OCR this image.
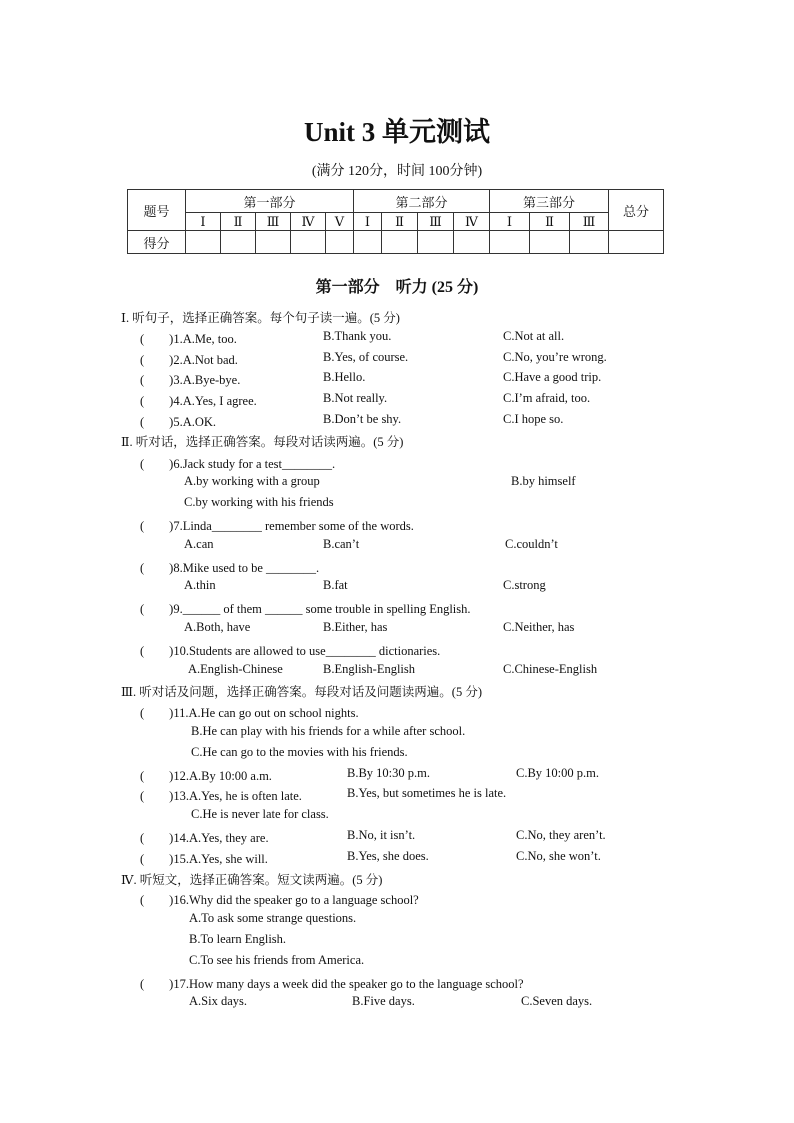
Unit 3 单元测试
(满分 120分，时间 100分钟)
题号	第一部分					第二部分				第三部分			总分
	Ⅰ	Ⅱ	Ⅲ	Ⅳ	Ⅴ	Ⅰ	Ⅱ	Ⅲ	Ⅳ	Ⅰ	Ⅱ	Ⅲ	
得分													
第一部分　听力 (25 分)
Ⅰ. 听句子，选择正确答案。每个句子读一遍。(5 分)
Ⅱ. 听对话，选择正确答案。每段对话读两遍。(5 分)
Ⅲ. 听对话及问题，选择正确答案。每段对话及问题读两遍。(5 分)
Ⅳ. 听短文，选择正确答案。短文读两遍。(5 分)
(　　)1.A.Me, too.	B.Thank you.	C.Not at all.
(　　)2.A.Not bad.	B.Yes, of course.	C.No, you’re wrong.
(　　)3.A.Bye-bye.	B.Hello.	C.Have a good trip.
(　　)4.A.Yes, I agree.	B.Not really.	C.I’m afraid, too.
(　　)5.A.OK.	B.Don’t be shy.	C.I hope so.
(　　)6.Jack study for a test________.
A.by working with a group	B.by himself
C.by working with his friends
(　　)7.Linda________ remember some of the words.
A.can	B.can’t	C.couldn’t
(　　)8.Mike used to be ________.
A.thin	B.fat	C.strong
(　　)9.______ of them ______ some trouble in spelling English.
A.Both, have	B.Either, has	C.Neither, has
(　　)10.Students are allowed to use________ dictionaries.
A.English-Chinese	B.English-English	C.Chinese-English
(　　)11.A.He can go out on school nights.
B.He can play with his friends for a while after school.
C.He can go to the movies with his friends.
(　　)12.A.By 10:00 a.m.	B.By 10:30 p.m.	C.By 10:00 p.m.
(　　)13.A.Yes, he is often late.	B.Yes, but sometimes he is late.
C.He is never late for class.
(　　)14.A.Yes, they are.	B.No, it isn’t.	C.No, they aren’t.
(　　)15.A.Yes, she will.	B.Yes, she does.	C.No, she won’t.
(　　)16.Why did the speaker go to a language school?
A.To ask some strange questions.
B.To learn English.
C.To see his friends from America.
(　　)17.How many days a week did the speaker go to the language school?
A.Six days.	B.Five days.	C.Seven days.
